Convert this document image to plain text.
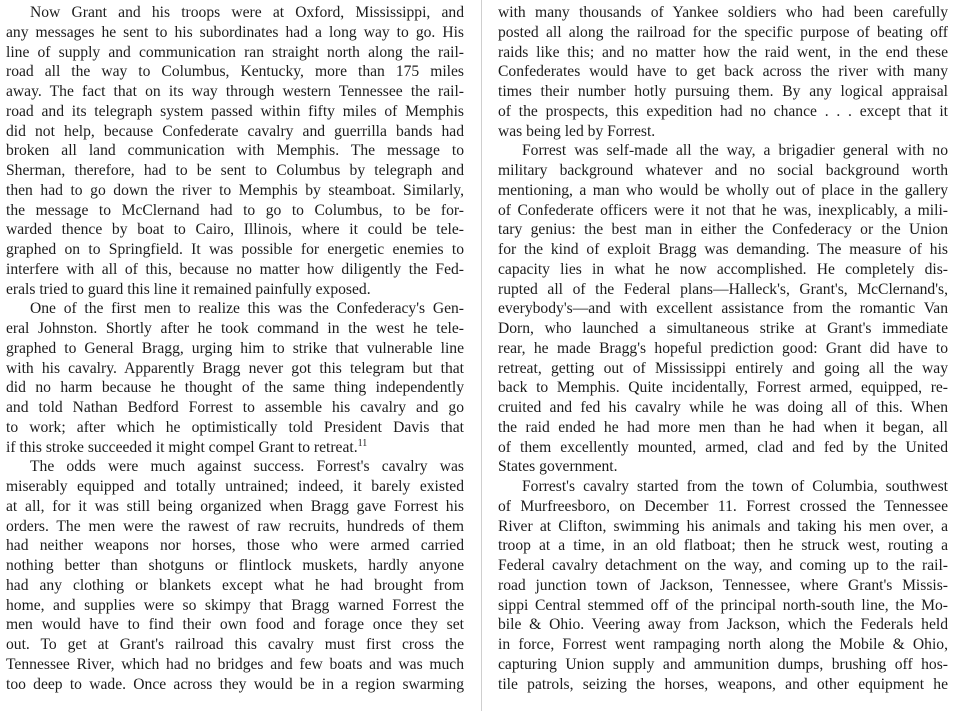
Now Grant and his troops were at Oxford, Mississippi, and
any messages he sent to his subordinates had a long way to go. His
line of supply and communication ran straight north along the rail-
road all the way to Columbus, Kentucky, more than 175 miles
away. The fact that on its way through western Tennessee the rail-
road and its telegraph system passed within fifty miles of Memphis
did not help, because Confederate cavalry and guerrilla bands had
broken all land communication with Memphis. The message to
Sherman, therefore, had to be sent to Columbus by telegraph and
then had to go down the river to Memphis by steamboat. Similarly,
the message to McClernand had to go to Columbus, to be for-
warded thence by boat to Cairo, Illinois, where it could be tele-
graphed on to Springfield. It was possible for energetic enemies to
interfere with all of this, because no matter how diligently the Fed-
erals tried to guard this line it remained painfully exposed.
One of the first men to realize this was the Confederacy's Gen-
eral Johnston. Shortly after he took command in the west he tele-
graphed to General Bragg, urging him to strike that vulnerable line
with his cavalry. Apparently Bragg never got this telegram but that
did no harm because he thought of the same thing independently
and told Nathan Bedford Forrest to assemble his cavalry and go
to work; after which he optimistically told President Davis that
if this stroke succeeded it might compel Grant to retreat.$^{11}$
The odds were much against success. Forrest's cavalry was
miserably equipped and totally untrained; indeed, it barely existed
at all, for it was still being organized when Bragg gave Forrest his
orders. The men were the rawest of raw recruits, hundreds of them
had neither weapons nor horses, those who were armed carried
nothing better than shotguns or flintlock muskets, hardly anyone
had any clothing or blankets except what he had brought from
home, and supplies were so skimpy that Bragg warned Forrest the
men would have to find their own food and forage once they set
out. To get at Grant's railroad this cavalry must first cross the
Tennessee River, which had no bridges and few boats and was much
too deep to wade. Once across they would be in a region swarming
with many thousands of Yankee soldiers who had been carefully
posted all along the railroad for the specific purpose of beating off
raids like this; and no matter how the raid went, in the end these
Confederates would have to get back across the river with many
times their number hotly pursuing them. By any logical appraisal
of the prospects, this expedition had no chance . . . except that it
was being led by Forrest.
Forrest was self-made all the way, a brigadier general with no
military background whatever and no social background worth
mentioning, a man who would be wholly out of place in the gallery
of Confederate officers were it not that he was, inexplicably, a mili-
tary genius: the best man in either the Confederacy or the Union
for the kind of exploit Bragg was demanding. The measure of his
capacity lies in what he now accomplished. He completely dis-
rupted all of the Federal plans—Halleck's, Grant's, McClernand's,
everybody's—and with excellent assistance from the romantic Van
Dorn, who launched a simultaneous strike at Grant's immediate
rear, he made Bragg's hopeful prediction good: Grant did have to
retreat, getting out of Mississippi entirely and going all the way
back to Memphis. Quite incidentally, Forrest armed, equipped, re-
cruited and fed his cavalry while he was doing all of this. When
the raid ended he had more men than he had when it began, all
of them excellently mounted, armed, clad and fed by the United
States government.
Forrest's cavalry started from the town of Columbia, southwest
of Murfreesboro, on December 11. Forrest crossed the Tennessee
River at Clifton, swimming his animals and taking his men over, a
troop at a time, in an old flatboat; then he struck west, routing a
Federal cavalry detachment on the way, and coming up to the rail-
road junction town of Jackson, Tennessee, where Grant's Missis-
sippi Central stemmed off of the principal north-south line, the Mo-
bile & Ohio. Veering away from Jackson, which the Federals held
in force, Forrest went rampaging north along the Mobile & Ohio,
capturing Union supply and ammunition dumps, brushing off hos-
tile patrols, seizing the horses, weapons, and other equipment he
